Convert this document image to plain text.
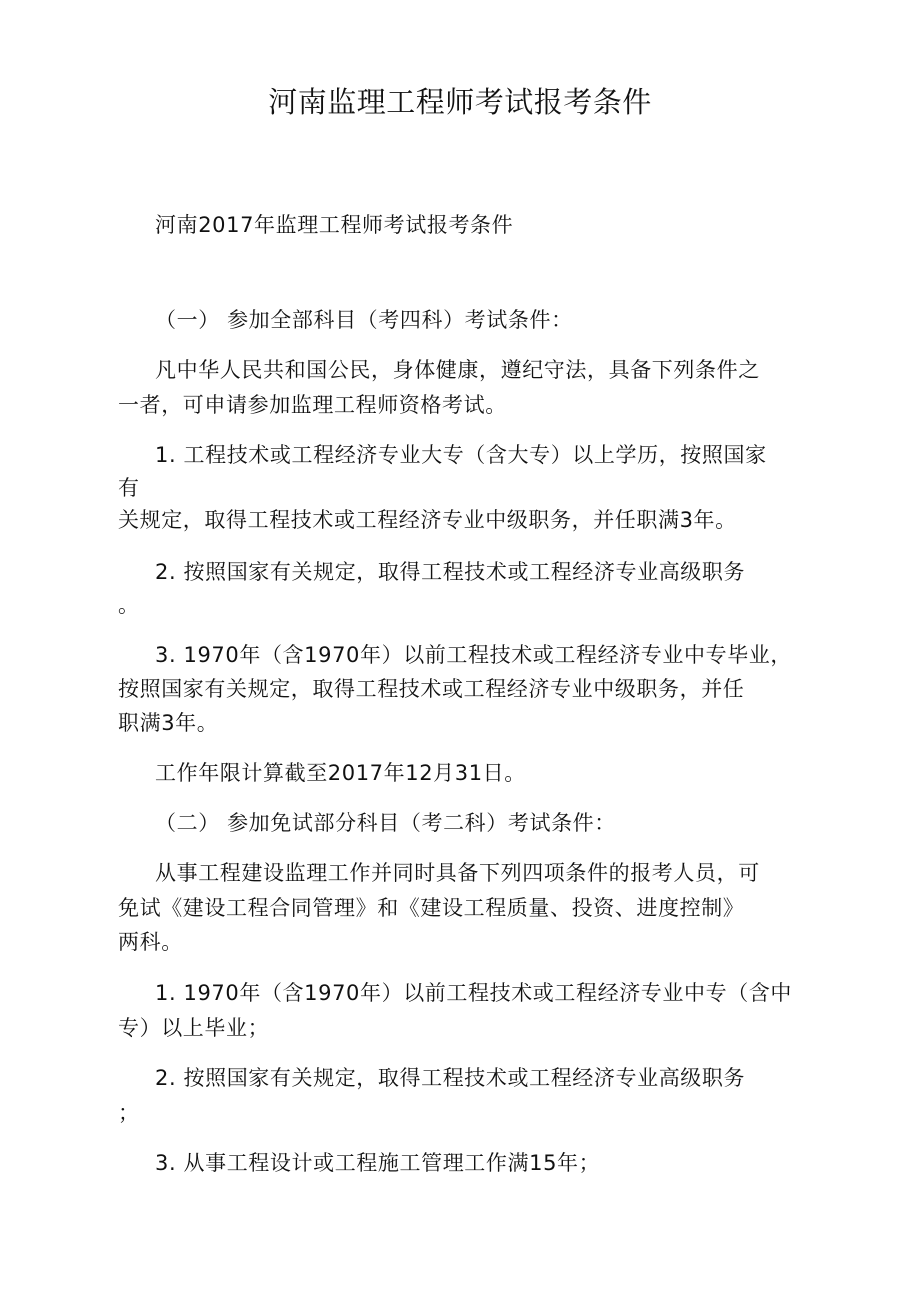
河南监理工程师考试报考条件
河南2017年监理工程师考试报考条件
（一） 参加全部科目（考四科）考试条件：
凡中华人民共和国公民，身体健康，遵纪守法，具备下列条件之
一者，可申请参加监理工程师资格考试。
1. 工程技术或工程经济专业大专（含大专）以上学历，按照国家
有
关规定，取得工程技术或工程经济专业中级职务，并任职满3年。
2. 按照国家有关规定，取得工程技术或工程经济专业高级职务
。
3. 1970年（含1970年）以前工程技术或工程经济专业中专毕业，
按照国家有关规定，取得工程技术或工程经济专业中级职务，并任
职满3年。
工作年限计算截至2017年12月31日。
（二） 参加免试部分科目（考二科）考试条件：
从事工程建设监理工作并同时具备下列四项条件的报考人员，可
免试《建设工程合同管理》和《建设工程质量、投资、进度控制》
两科。
1. 1970年（含1970年）以前工程技术或工程经济专业中专（含中
专）以上毕业；
2. 按照国家有关规定，取得工程技术或工程经济专业高级职务
；
3. 从事工程设计或工程施工管理工作满15年；
